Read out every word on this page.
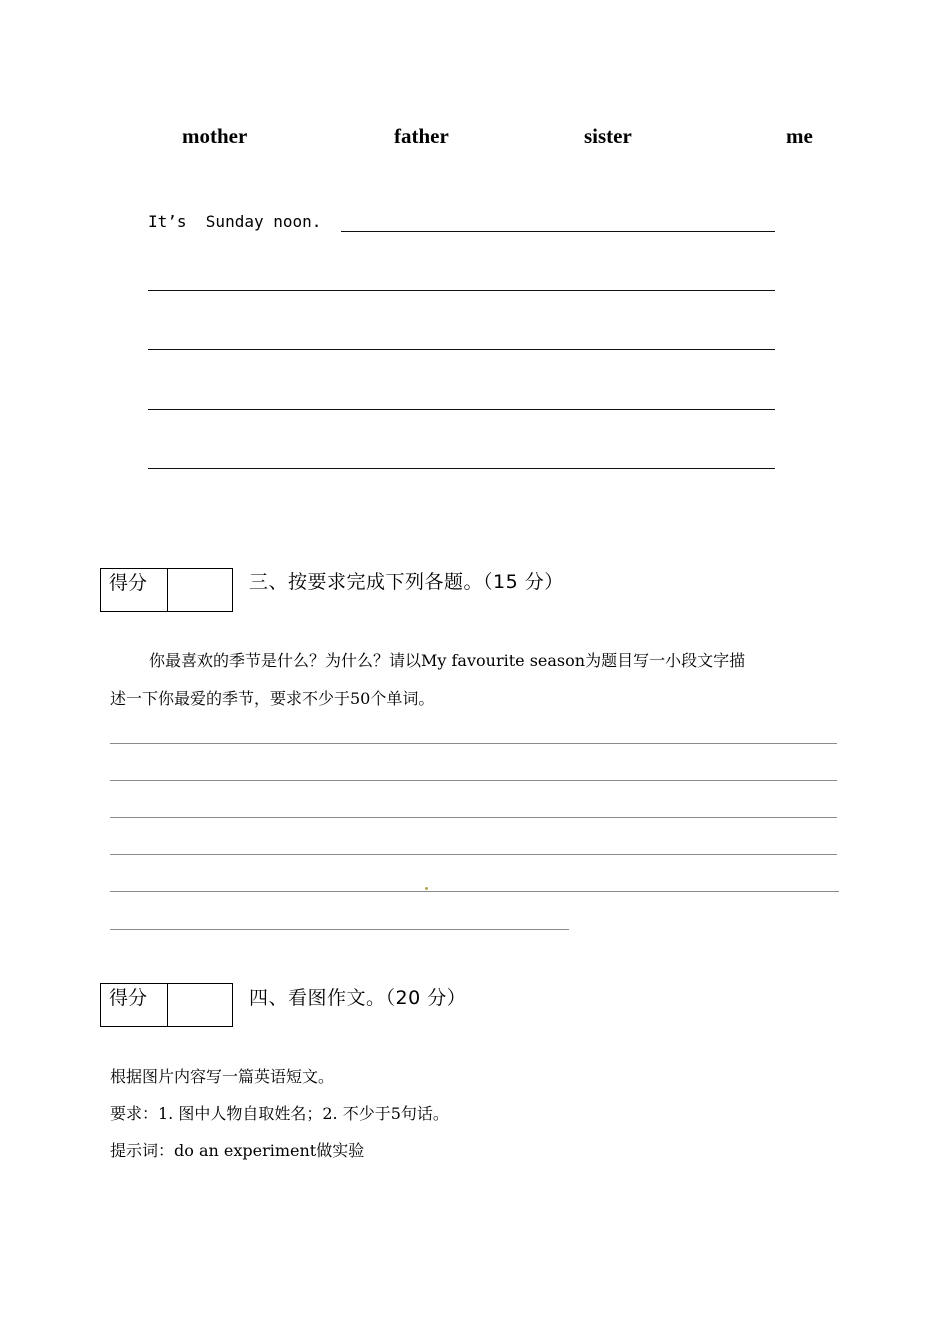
mother	father	sister	me
It’s  Sunday noon.
得分	三、按要求完成下列各题。（15 分）
你最喜欢的季节是什么？为什么？请以My favourite season为题目写一小段文字描
述一下你最爱的季节，要求不少于50个单词。
得分	四、看图作文。（20 分）
根据图片内容写一篇英语短文。
要求：1. 图中人物自取姓名；2. 不少于5句话。
提示词：do an experiment做实验
